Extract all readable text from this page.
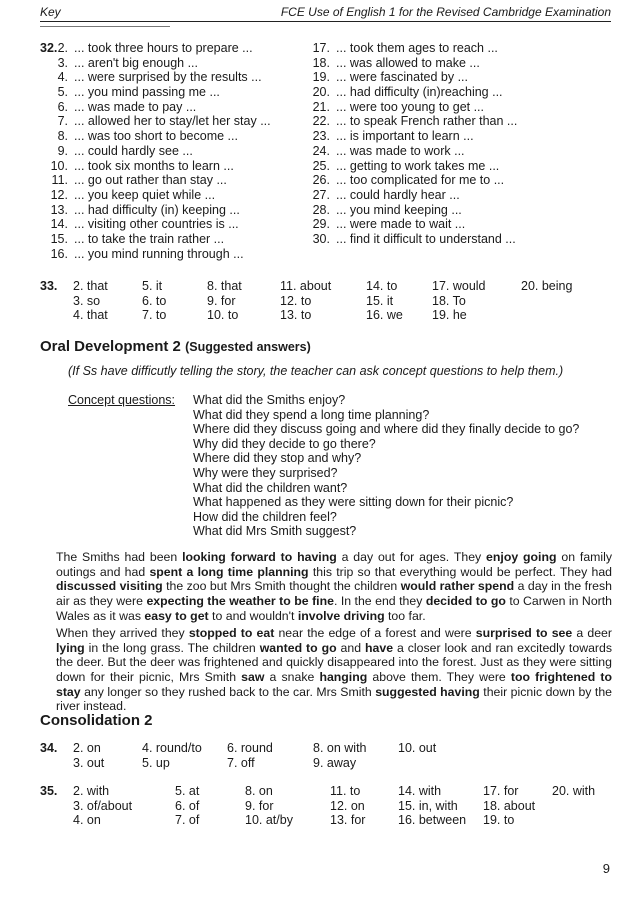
Key	FCE Use of English 1 for the Revised Cambridge Examination
32. 2. ... took three hours to prepare ...
3. ... aren't big enough ...
4. ... were surprised by the results ...
5. ... you mind passing me ...
6. ... was made to pay ...
7. ... allowed her to stay/let her stay ...
8. ... was too short to become ...
9. ... could hardly see ...
10. ... took six months to learn ...
11. ... go out rather than stay ...
12. ... you keep quiet while ...
13. ... had difficulty (in) keeping ...
14. ... visiting other countries is ...
15. ... to take the train rather ...
16. ... you mind running through ...
17. ... took them ages to reach ...
18. ... was allowed to make ...
19. ... were fascinated by ...
20. ... had difficulty (in)reaching ...
21. ... were too young to get ...
22. ... to speak French rather than ...
23. ... is important to learn ...
24. ... was made to work ...
25. ... getting to work takes me ...
26. ... too complicated for me to ...
27. ... could hardly hear ...
28. ... you mind keeping ...
29. ... were made to wait ...
30. ... find it difficult to understand ...
33. 2. that	5. it	8. that	11. about	14. to	17. would	20. being
3. so	6. to	9. for	12. to	15. it	18. To
4. that	7. to	10. to	13. to	16. we 19. he
Oral Development 2 (Suggested answers)
(If Ss have difficutly telling the story, the teacher can ask concept questions to help them.)
Concept questions: What did the Smiths enjoy?
What did they spend a long time planning?
Where did they discuss going and where did they finally decide to go?
Why did they decide to go there?
Where did they stop and why?
Why were they surprised?
What did the children want?
What happened as they were sitting down for their picnic?
How did the children feel?
What did Mrs Smith suggest?
The Smiths had been looking forward to having a day out for ages. They enjoy going on family outings and had spent a long time planning this trip so that everything would be perfect. They had discussed visiting the zoo but Mrs Smith thought the children would rather spend a day in the fresh air as they were expecting the weather to be fine. In the end they decided to go to Carwen in North Wales as it was easy to get to and wouldn't involve driving too far.
When they arrived they stopped to eat near the edge of a forest and were surprised to see a deer lying in the long grass. The children wanted to go and have a closer look and ran excitedly towards the deer. But the deer was frightened and quickly disappeared into the forest. Just as they were sitting down for their picnic, Mrs Smith saw a snake hanging above them. They were too frightened to stay any longer so they rushed back to the car. Mrs Smith suggested having their picnic down by the river instead.
Consolidation 2
34. 2. on	4. round/to 6. round	8. on with	10. out
3. out	5. up	7. off	9. away
35. 2. with	5. at	8. on	11. to	14. with	17. for	20. with
3. of/about	6. of	9. for	12. on	15. in, with 18. about
4. on	7. of	10. at/by	13. for	16. between 19. to
9
